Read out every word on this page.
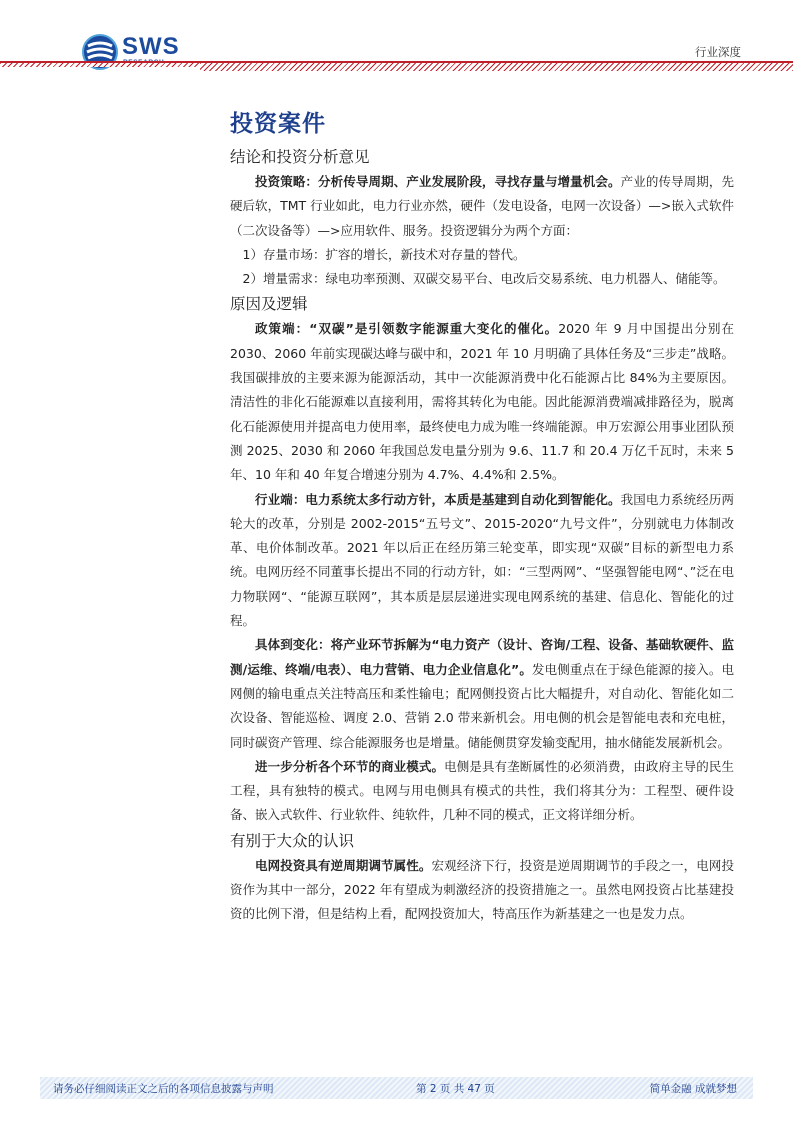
SWS	行业深度
投资案件
结论和投资分析意见

投资策略：分析传导周期、产业发展阶段，寻找存量与增量机会。产业的传导周期，先硬后软，TMT 行业如此，电力行业亦然，硬件（发电设备，电网一次设备）—>嵌入式软件（二次设备等）—>应用软件、服务。投资逻辑分为两个方面：

1）存量市场：扩容的增长，新技术对存量的替代。

2）增量需求：绿电功率预测、双碳交易平台、电改后交易系统、电力机器人、储能等。

原因及逻辑

政策端：“双碳”是引领数字能源重大变化的催化。2020 年 9 月中国提出分别在 2030、2060 年前实现碳达峰与碳中和，2021 年 10 月明确了具体任务及“三步走”战略。我国碳排放的主要来源为能源活动，其中一次能源消费中化石能源占比 84%为主要原因。清洁性的非化石能源难以直接利用，需将其转化为电能。因此能源消费端减排路径为，脱离化石能源使用并提高电力使用率，最终使电力成为唯一终端能源。申万宏源公用事业团队预测 2025、2030 和 2060 年我国总发电量分别为 9.6、11.7 和 20.4 万亿千瓦时，未来 5 年、10 年和 40 年复合增速分别为 4.7%、4.4%和 2.5%。

行业端：电力系统太多行动方针，本质是基建到自动化到智能化。我国电力系统经历两轮大的改革，分别是 2002-2015“五号文”、2015-2020“九号文件”，分别就电力体制改革、电价体制改革。2021 年以后正在经历第三轮变革，即实现“双碳”目标的新型电力系统。电网历经不同董事长提出不同的行动方针，如：“三型两网”、“坚强智能电网“、”泛在电力物联网“、“能源互联网”，其本质是层层递进实现电网系统的基建、信息化、智能化的过程。

具体到变化：将产业环节拆解为“电力资产（设计、咨询/工程、设备、基础软硬件、监测/运维、终端/电表）、电力营销、电力企业信息化”。发电侧重点在于绿色能源的接入。电网侧的输电重点关注特高压和柔性输电；配网侧投资占比大幅提升，对自动化、智能化如二次设备、智能巡检、调度 2.0、营销 2.0 带来新机会。用电侧的机会是智能电表和充电桩，同时碳资产管理、综合能源服务也是增量。储能侧贯穿发输变配用，抽水储能发展新机会。

进一步分析各个环节的商业模式。电侧是具有垄断属性的必须消费，由政府主导的民生工程，具有独特的模式。电网与用电侧具有模式的共性，我们将其分为：工程型、硬件设备、嵌入式软件、行业软件、纯软件，几种不同的模式，正文将详细分析。

有别于大众的认识

电网投资具有逆周期调节属性。宏观经济下行，投资是逆周期调节的手段之一，电网投资作为其中一部分，2022 年有望成为刺激经济的投资措施之一。虽然电网投资占比基建投资的比例下滑，但是结构上看，配网投资加大，特高压作为新基建之一也是发力点。

请务必仔细阅读正文之后的各项信息披露与声明	第 2 页 共 47 页	简单金融 成就梦想
